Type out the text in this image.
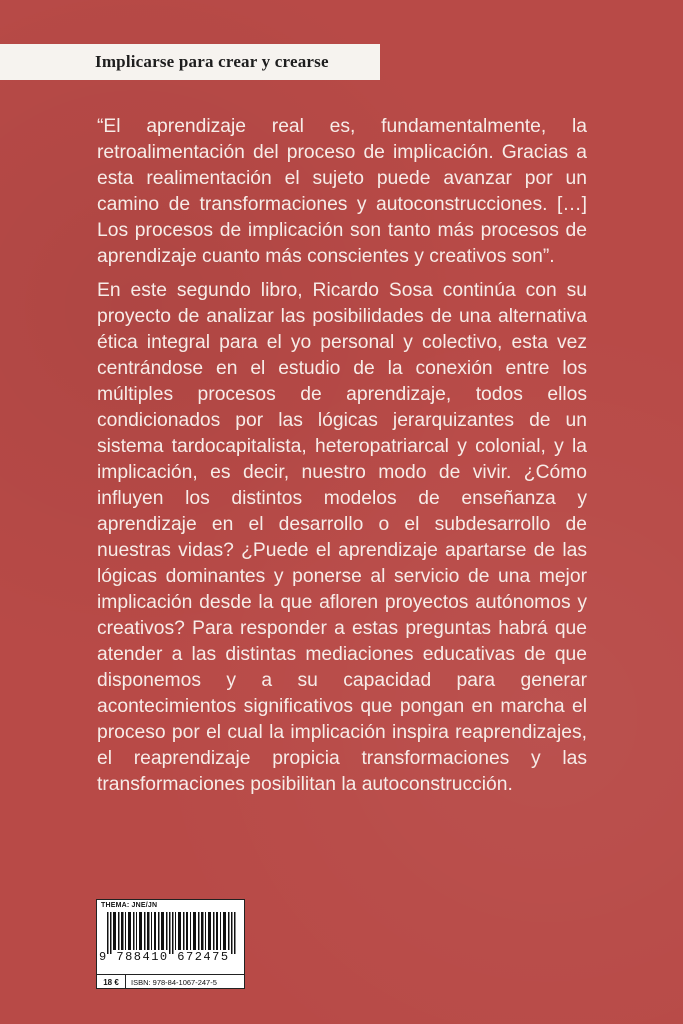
Implicarse para crear y crearse

“El aprendizaje real es, fundamentalmente, la retroalimentación del proceso de implicación. Gracias a esta realimentación el sujeto puede avanzar por un camino de transformaciones y autoconstrucciones. […] Los procesos de implicación son tanto más procesos de aprendizaje cuanto más conscientes y creativos son”.

En este segundo libro, Ricardo Sosa continúa con su proyecto de analizar las posibilidades de una alternativa ética integral para el yo personal y colectivo, esta vez centrándose en el estudio de la conexión entre los múltiples procesos de aprendizaje, todos ellos condicionados por las lógicas jerarquizantes de un sistema tardocapitalista, heteropatriarcal y colonial, y la implicación, es decir, nuestro modo de vivir. ¿Cómo influyen los distintos modelos de enseñanza y aprendizaje en el desarrollo o el subdesarrollo de nuestras vidas? ¿Puede el aprendizaje apartarse de las lógicas dominantes y ponerse al servicio de una mejor implicación desde la que afloren proyectos autónomos y creativos? Para responder a estas preguntas habrá que atender a las distintas mediaciones educativas de que disponemos y a su capacidad para generar acontecimientos significativos que pongan en marcha el proceso por el cual la implicación inspira reaprendizajes, el reaprendizaje propicia transformaciones y las transformaciones posibilitan la autoconstrucción.

THEMA: JNE/JN
9 788410 672475
18 €	ISBN: 978-84-1067-247-5
